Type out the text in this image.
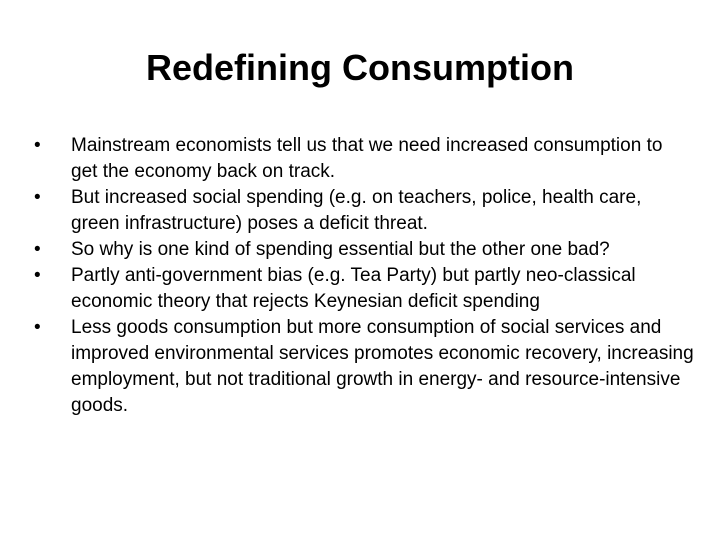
Redefining Consumption
•	Mainstream economists tell us that we need increased consumption to get the economy back on track.
•	But increased social spending (e.g. on teachers, police, health care, green infrastructure) poses a deficit threat.
•	So why is one kind of spending essential but the other one bad?
•	Partly anti-government bias (e.g. Tea Party) but partly neo-classical economic theory that rejects Keynesian deficit spending
•	Less goods consumption but more consumption of social services and improved environmental services promotes economic recovery, increasing employment, but not traditional growth in energy- and resource-intensive goods.
